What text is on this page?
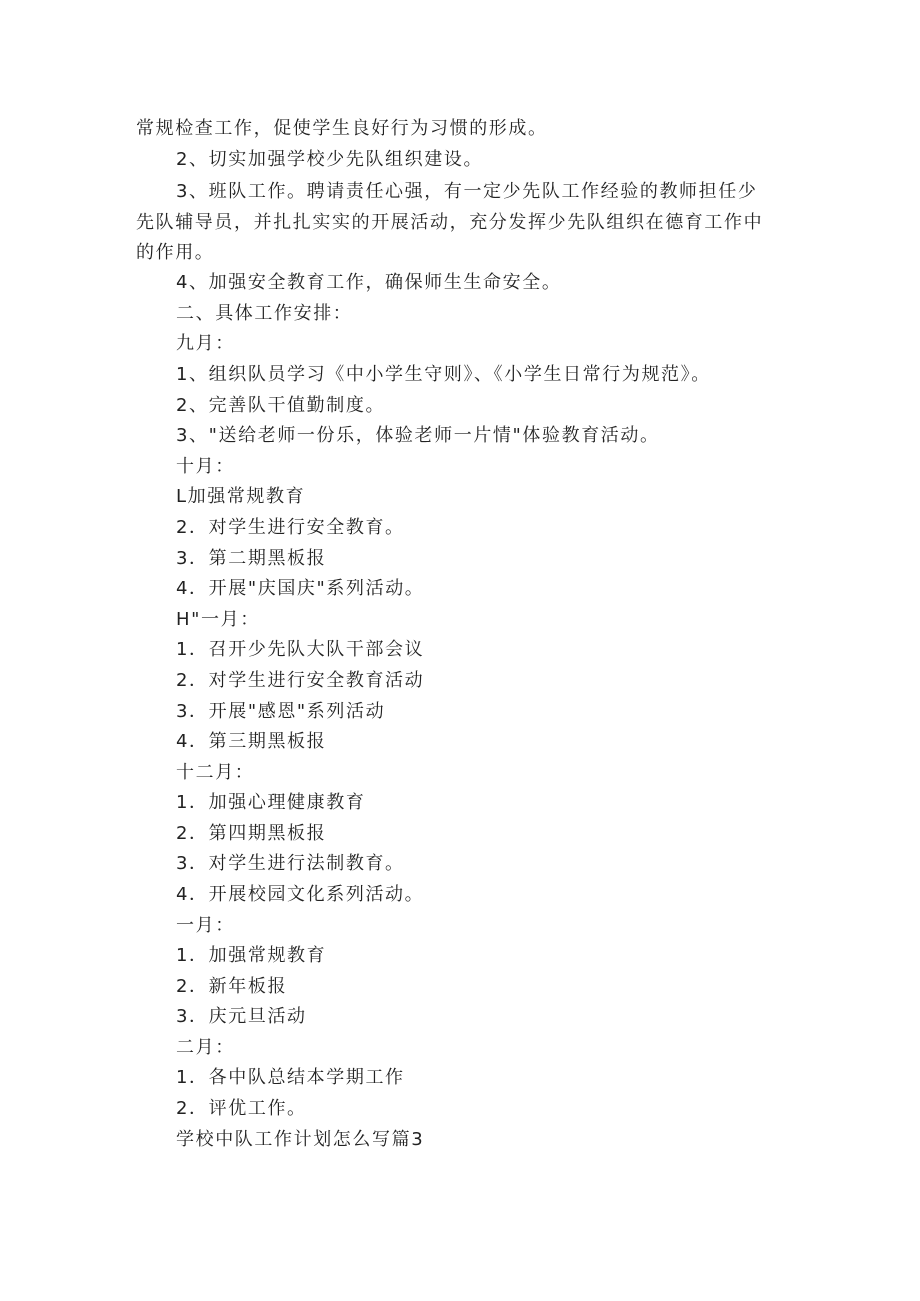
常规检查工作，促使学生良好行为习惯的形成。
2、切实加强学校少先队组织建设。
3、班队工作。聘请责任心强，有一定少先队工作经验的教师担任少
先队辅导员，并扎扎实实的开展活动，充分发挥少先队组织在德育工作中
的作用。
4、加强安全教育工作，确保师生生命安全。
二、具体工作安排：
九月：
1、组织队员学习《中小学生守则》、《小学生日常行为规范》。
2、完善队干值勤制度。
3、"送给老师一份乐，体验老师一片情"体验教育活动。
十月：
L加强常规教育
2．对学生进行安全教育。
3．第二期黑板报
4．开展"庆国庆"系列活动。
H"一月：
1．召开少先队大队干部会议
2．对学生进行安全教育活动
3．开展"感恩"系列活动
4．第三期黑板报
十二月：
1．加强心理健康教育
2．第四期黑板报
3．对学生进行法制教育。
4．开展校园文化系列活动。
一月：
1．加强常规教育
2．新年板报
3．庆元旦活动
二月：
1．各中队总结本学期工作
2．评优工作。
学校中队工作计划怎么写篇3
